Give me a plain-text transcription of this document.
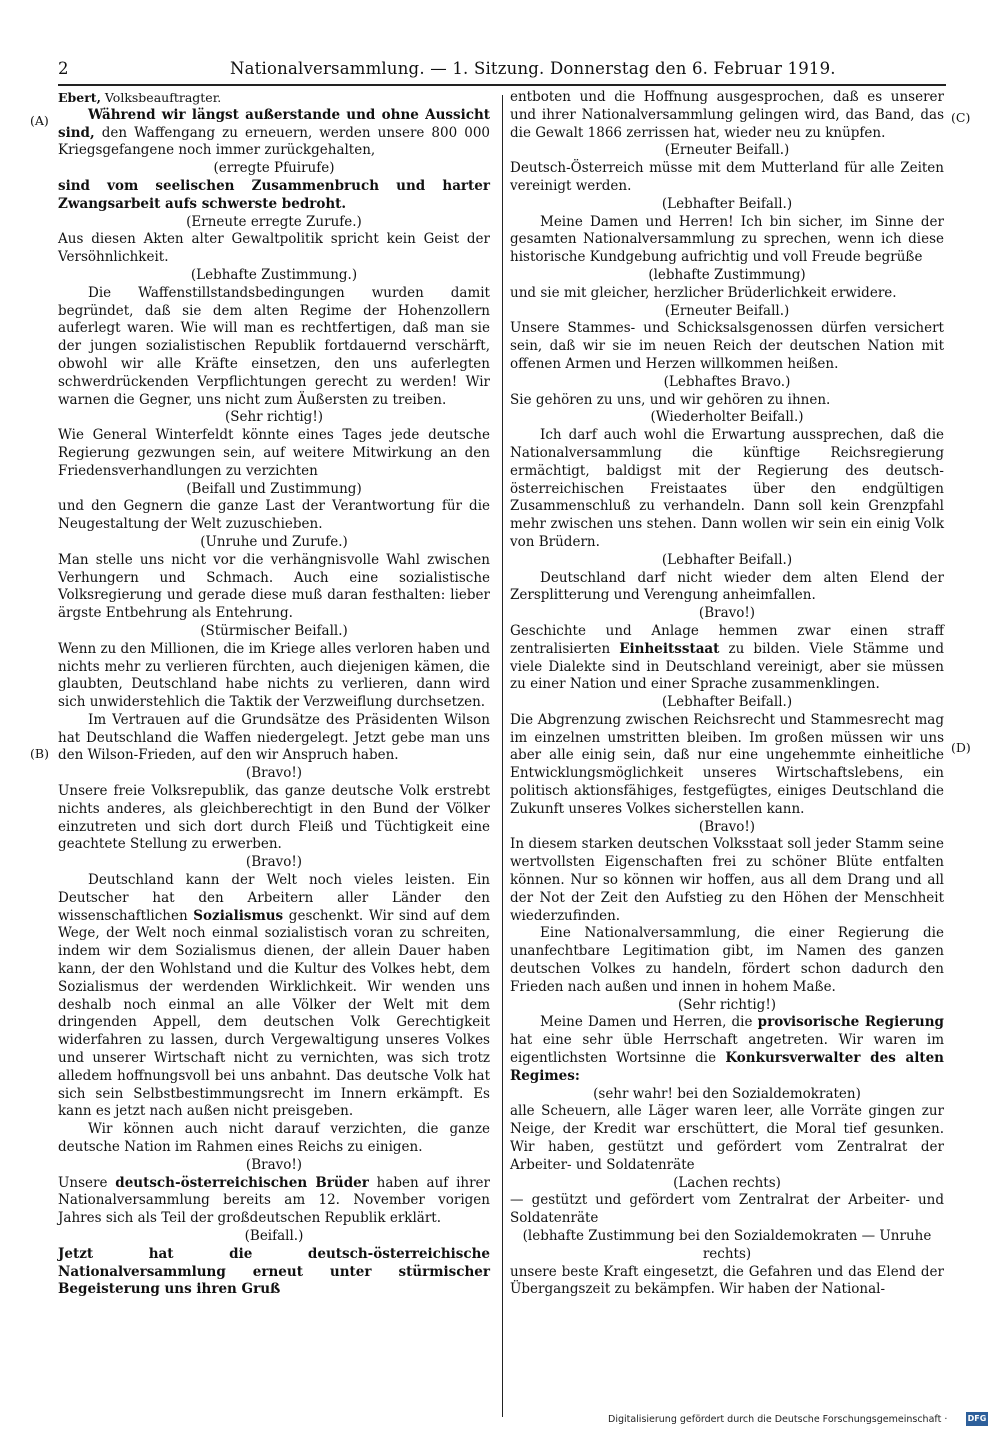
2	Nationalversammlung. — 1. Sitzung. Donnerstag den 6. Februar 1919.
(A)
(B)
(C)
(D)

Ebert, Volksbeauftragter.

Während wir längst außerstande und ohne Aussicht sind, den Waffengang zu erneuern, werden unsere 800 000 Kriegsgefangene noch immer zurückgehalten,

(erregte Pfuirufe)

sind vom seelischen Zusammenbruch und harter Zwangsarbeit aufs schwerste bedroht.

(Erneute erregte Zurufe.)

Aus diesen Akten alter Gewaltpolitik spricht kein Geist der Versöhnlichkeit.

(Lebhafte Zustimmung.)

Die Waffenstillstandsbedingungen wurden damit begründet, daß sie dem alten Regime der Hohenzollern auferlegt waren. Wie will man es rechtfertigen, daß man sie der jungen sozialistischen Republik fortdauernd verschärft, obwohl wir alle Kräfte einsetzen, den uns auferlegten schwerdrückenden Verpflichtungen gerecht zu werden! Wir warnen die Gegner, uns nicht zum Äußersten zu treiben.

(Sehr richtig!)

Wie General Winterfeldt könnte eines Tages jede deutsche Regierung gezwungen sein, auf weitere Mitwirkung an den Friedensverhandlungen zu verzichten

(Beifall und Zustimmung)

und den Gegnern die ganze Last der Verantwortung für die Neugestaltung der Welt zuzuschieben.

(Unruhe und Zurufe.)

Man stelle uns nicht vor die verhängnisvolle Wahl zwischen Verhungern und Schmach. Auch eine sozialistische Volksregierung und gerade diese muß daran festhalten: lieber ärgste Entbehrung als Entehrung.

(Stürmischer Beifall.)

Wenn zu den Millionen, die im Kriege alles verloren haben und nichts mehr zu verlieren fürchten, auch diejenigen kämen, die glaubten, Deutschland habe nichts zu verlieren, dann wird sich unwiderstehlich die Taktik der Verzweiflung durchsetzen.

Im Vertrauen auf die Grundsätze des Präsidenten Wilson hat Deutschland die Waffen niedergelegt. Jetzt gebe man uns den Wilson-Frieden, auf den wir Anspruch haben.

(Bravo!)

Unsere freie Volksrepublik, das ganze deutsche Volk erstrebt nichts anderes, als gleichberechtigt in den Bund der Völker einzutreten und sich dort durch Fleiß und Tüchtigkeit eine geachtete Stellung zu erwerben.

(Bravo!)

Deutschland kann der Welt noch vieles leisten. Ein Deutscher hat den Arbeitern aller Länder den wissenschaftlichen Sozialismus geschenkt. Wir sind auf dem Wege, der Welt noch einmal sozialistisch voran zu schreiten, indem wir dem Sozialismus dienen, der allein Dauer haben kann, der den Wohlstand und die Kultur des Volkes hebt, dem Sozialismus der werdenden Wirklichkeit. Wir wenden uns deshalb noch einmal an alle Völker der Welt mit dem dringenden Appell, dem deutschen Volk Gerechtigkeit widerfahren zu lassen, durch Vergewaltigung unseres Volkes und unserer Wirtschaft nicht zu vernichten, was sich trotz alledem hoffnungsvoll bei uns anbahnt. Das deutsche Volk hat sich sein Selbstbestimmungsrecht im Innern erkämpft. Es kann es jetzt nach außen nicht preisgeben.

Wir können auch nicht darauf verzichten, die ganze deutsche Nation im Rahmen eines Reichs zu einigen.

(Bravo!)

Unsere deutsch-österreichischen Brüder haben auf ihrer Nationalversammlung bereits am 12. November vorigen Jahres sich als Teil der großdeutschen Republik erklärt.

(Beifall.)

Jetzt hat die deutsch-österreichische Nationalversammlung erneut unter stürmischer Begeisterung uns ihren Gruß

entboten und die Hoffnung ausgesprochen, daß es unserer und ihrer Nationalversammlung gelingen wird, das Band, das die Gewalt 1866 zerrissen hat, wieder neu zu knüpfen.

(Erneuter Beifall.)

Deutsch-Österreich müsse mit dem Mutterland für alle Zeiten vereinigt werden.

(Lebhafter Beifall.)

Meine Damen und Herren! Ich bin sicher, im Sinne der gesamten Nationalversammlung zu sprechen, wenn ich diese historische Kundgebung aufrichtig und voll Freude begrüße

(lebhafte Zustimmung)

und sie mit gleicher, herzlicher Brüderlichkeit erwidere.

(Erneuter Beifall.)

Unsere Stammes- und Schicksalsgenossen dürfen versichert sein, daß wir sie im neuen Reich der deutschen Nation mit offenen Armen und Herzen willkommen heißen.

(Lebhaftes Bravo.)

Sie gehören zu uns, und wir gehören zu ihnen.

(Wiederholter Beifall.)

Ich darf auch wohl die Erwartung aussprechen, daß die Nationalversammlung die künftige Reichsregierung ermächtigt, baldigst mit der Regierung des deutsch-österreichischen Freistaates über den endgültigen Zusammenschluß zu verhandeln. Dann soll kein Grenzpfahl mehr zwischen uns stehen. Dann wollen wir sein ein einig Volk von Brüdern.

(Lebhafter Beifall.)

Deutschland darf nicht wieder dem alten Elend der Zersplitterung und Verengung anheimfallen.

(Bravo!)

Geschichte und Anlage hemmen zwar einen straff zentralisierten Einheitsstaat zu bilden. Viele Stämme und viele Dialekte sind in Deutschland vereinigt, aber sie müssen zu einer Nation und einer Sprache zusammenklingen.

(Lebhafter Beifall.)

Die Abgrenzung zwischen Reichsrecht und Stammesrecht mag im einzelnen umstritten bleiben. Im großen müssen wir uns aber alle einig sein, daß nur eine ungehemmte einheitliche Entwicklungsmöglichkeit unseres Wirtschaftslebens, ein politisch aktionsfähiges, festgefügtes, einiges Deutschland die Zukunft unseres Volkes sicherstellen kann.

(Bravo!)

In diesem starken deutschen Volksstaat soll jeder Stamm seine wertvollsten Eigenschaften frei zu schöner Blüte entfalten können. Nur so können wir hoffen, aus all dem Drang und all der Not der Zeit den Aufstieg zu den Höhen der Menschheit wiederzufinden.

Eine Nationalversammlung, die einer Regierung die unanfechtbare Legitimation gibt, im Namen des ganzen deutschen Volkes zu handeln, fördert schon dadurch den Frieden nach außen und innen in hohem Maße.

(Sehr richtig!)

Meine Damen und Herren, die provisorische Regierung hat eine sehr üble Herrschaft angetreten. Wir waren im eigentlichsten Wortsinne die Konkursverwalter des alten Regimes:

(sehr wahr! bei den Sozialdemokraten)

alle Scheuern, alle Läger waren leer, alle Vorräte gingen zur Neige, der Kredit war erschüttert, die Moral tief gesunken. Wir haben, gestützt und gefördert vom Zentralrat der Arbeiter- und Soldatenräte

(Lachen rechts)

— gestützt und gefördert vom Zentralrat der Arbeiter- und Soldatenräte

(lebhafte Zustimmung bei den Sozialdemokraten — Unruhe rechts)

unsere beste Kraft eingesetzt, die Gefahren und das Elend der Übergangszeit zu bekämpfen. Wir haben der National-

Digitalisierung gefördert durch die Deutsche Forschungsgemeinschaft ·	DFG
